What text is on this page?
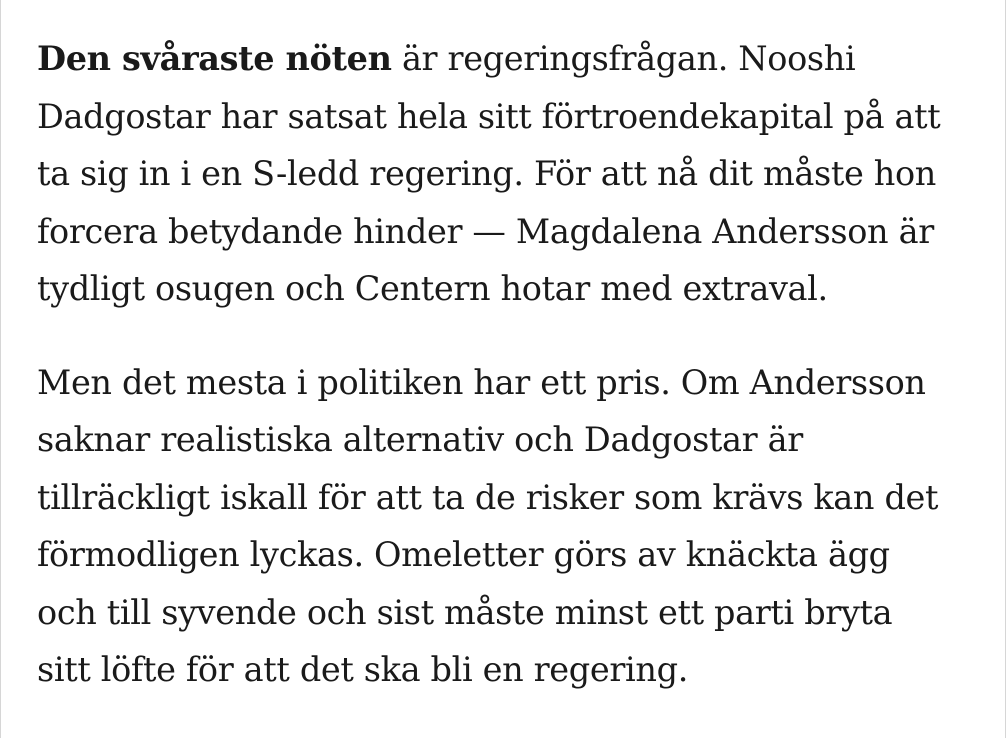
Den svåraste nöten är regeringsfrågan. Nooshi
Dadgostar har satsat hela sitt förtroendekapital på att
ta sig in i en S-ledd regering. För att nå dit måste hon
forcera betydande hinder — Magdalena Andersson är
tydligt osugen och Centern hotar med extraval.

Men det mesta i politiken har ett pris. Om Andersson
saknar realistiska alternativ och Dadgostar är
tillräckligt iskall för att ta de risker som krävs kan det
förmodligen lyckas. Omeletter görs av knäckta ägg
och till syvende och sist måste minst ett parti bryta
sitt löfte för att det ska bli en regering.
